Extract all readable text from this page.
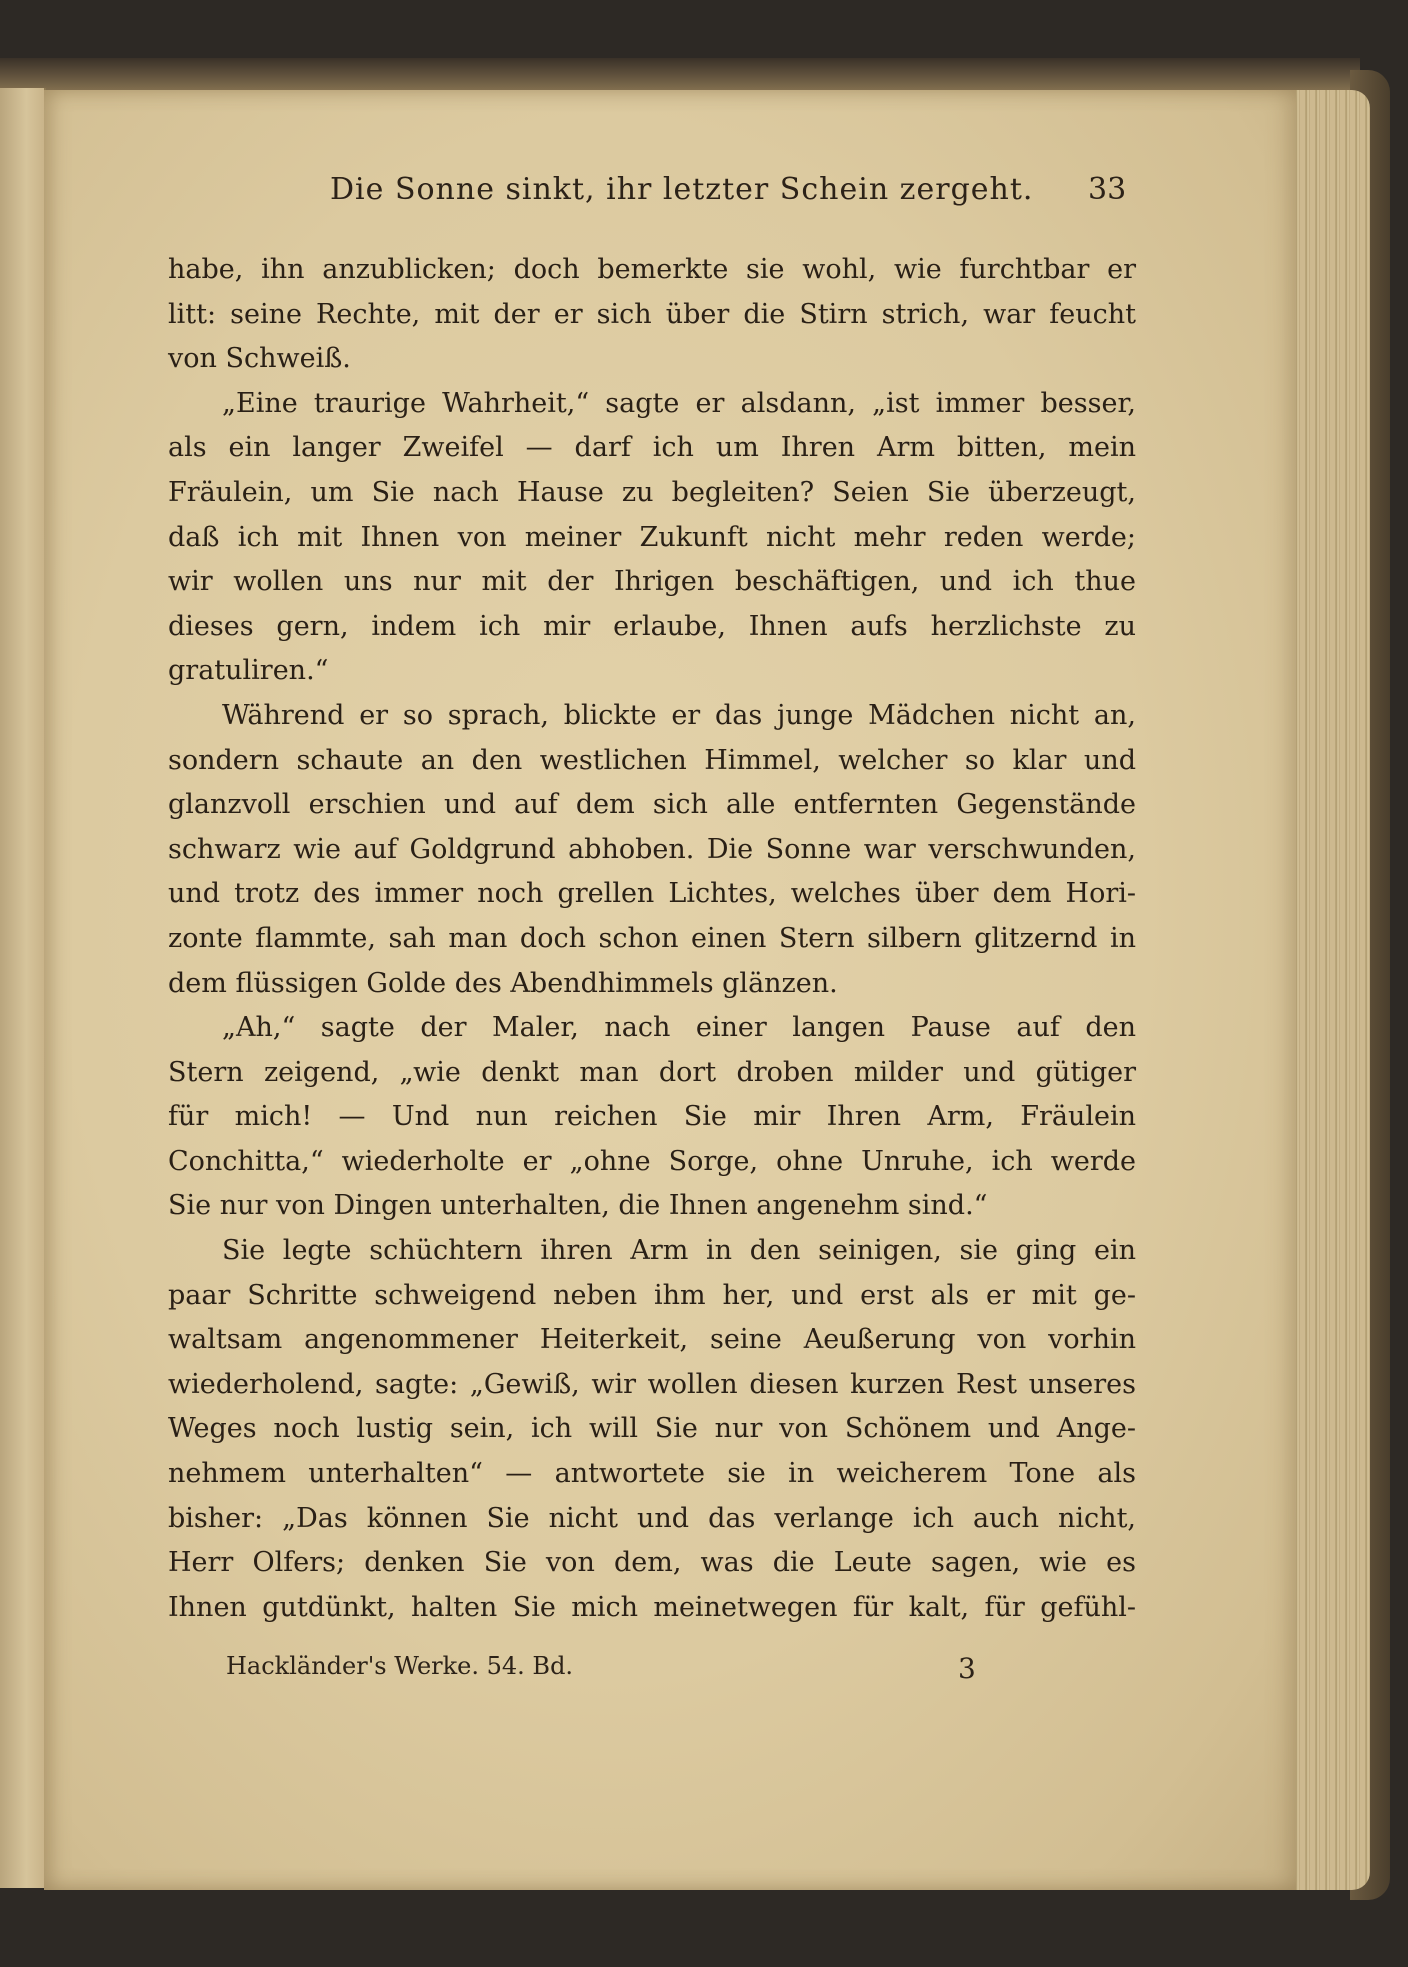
Die Sonne sinkt, ihr letzter Schein zergeht.	33
habe, ihn anzublicken; doch bemerkte sie wohl, wie furchtbar er
litt: seine Rechte, mit der er sich über die Stirn strich, war feucht
von Schweiß.
„Eine traurige Wahrheit,“ sagte er alsdann, „ist immer besser,
als ein langer Zweifel — darf ich um Ihren Arm bitten, mein
Fräulein, um Sie nach Hause zu begleiten? Seien Sie überzeugt,
daß ich mit Ihnen von meiner Zukunft nicht mehr reden werde;
wir wollen uns nur mit der Ihrigen beschäftigen, und ich thue
dieses gern, indem ich mir erlaube, Ihnen aufs herzlichste zu
gratuliren.“
Während er so sprach, blickte er das junge Mädchen nicht an,
sondern schaute an den westlichen Himmel, welcher so klar und
glanzvoll erschien und auf dem sich alle entfernten Gegenstände
schwarz wie auf Goldgrund abhoben. Die Sonne war verschwunden,
und trotz des immer noch grellen Lichtes, welches über dem Hori-
zonte flammte, sah man doch schon einen Stern silbern glitzernd in
dem flüssigen Golde des Abendhimmels glänzen.
„Ah,“ sagte der Maler, nach einer langen Pause auf den
Stern zeigend, „wie denkt man dort droben milder und gütiger
für mich! — Und nun reichen Sie mir Ihren Arm, Fräulein
Conchitta,“ wiederholte er „ohne Sorge, ohne Unruhe, ich werde
Sie nur von Dingen unterhalten, die Ihnen angenehm sind.“
Sie legte schüchtern ihren Arm in den seinigen, sie ging ein
paar Schritte schweigend neben ihm her, und erst als er mit ge-
waltsam angenommener Heiterkeit, seine Aeußerung von vorhin
wiederholend, sagte: „Gewiß, wir wollen diesen kurzen Rest unseres
Weges noch lustig sein, ich will Sie nur von Schönem und Ange-
nehmem unterhalten“ — antwortete sie in weicherem Tone als
bisher: „Das können Sie nicht und das verlange ich auch nicht,
Herr Olfers; denken Sie von dem, was die Leute sagen, wie es
Ihnen gutdünkt, halten Sie mich meinetwegen für kalt, für gefühl-
Hackländer's Werke. 54. Bd.	3
